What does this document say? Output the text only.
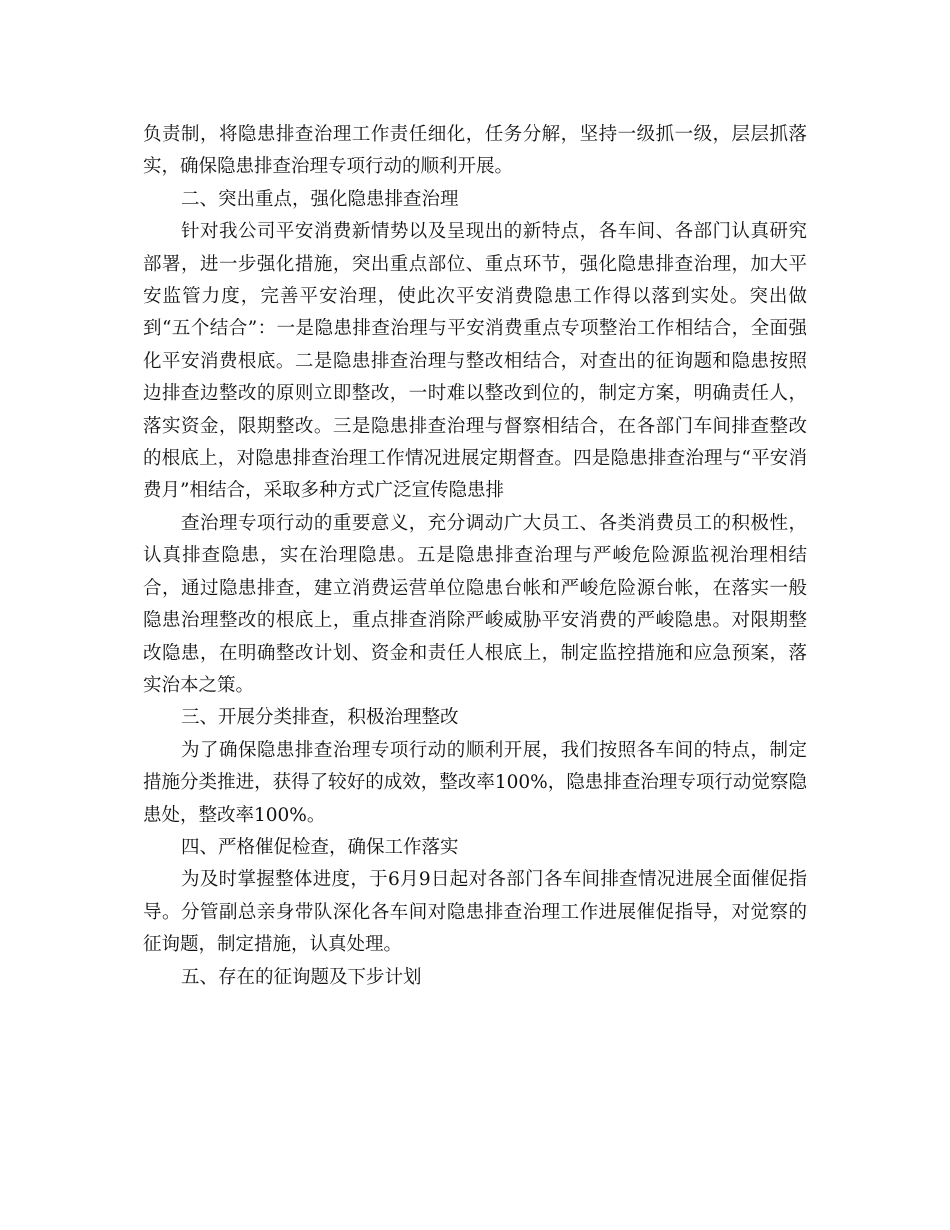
负责制，将隐患排查治理工作责任细化，任务分解，坚持一级抓一级，层层抓落实，确保隐患排查治理专项行动的顺利开展。

二、突出重点，强化隐患排查治理

针对我公司平安消费新情势以及呈现出的新特点，各车间、各部门认真研究部署，进一步强化措施，突出重点部位、重点环节，强化隐患排查治理，加大平安监管力度，完善平安治理，使此次平安消费隐患工作得以落到实处。突出做到“五个结合”：一是隐患排查治理与平安消费重点专项整治工作相结合，全面强化平安消费根底。二是隐患排查治理与整改相结合，对查出的征询题和隐患按照边排查边整改的原则立即整改，一时难以整改到位的，制定方案，明确责任人，落实资金，限期整改。三是隐患排查治理与督察相结合，在各部门车间排查整改的根底上，对隐患排查治理工作情况进展定期督查。四是隐患排查治理与“平安消费月”相结合，采取多种方式广泛宣传隐患排

查治理专项行动的重要意义，充分调动广大员工、各类消费员工的积极性，认真排查隐患，实在治理隐患。五是隐患排查治理与严峻危险源监视治理相结合，通过隐患排查，建立消费运营单位隐患台帐和严峻危险源台帐，在落实一般隐患治理整改的根底上，重点排查消除严峻威胁平安消费的严峻隐患。对限期整改隐患，在明确整改计划、资金和责任人根底上，制定监控措施和应急预案，落实治本之策。

三、开展分类排查，积极治理整改

为了确保隐患排查治理专项行动的顺利开展，我们按照各车间的特点，制定措施分类推进，获得了较好的成效，整改率100%，隐患排查治理专项行动觉察隐患处，整改率100%。

四、严格催促检查，确保工作落实

为及时掌握整体进度，于6月9日起对各部门各车间排查情况进展全面催促指导。分管副总亲身带队深化各车间对隐患排查治理工作进展催促指导，对觉察的征询题，制定措施，认真处理。

五、存在的征询题及下步计划
